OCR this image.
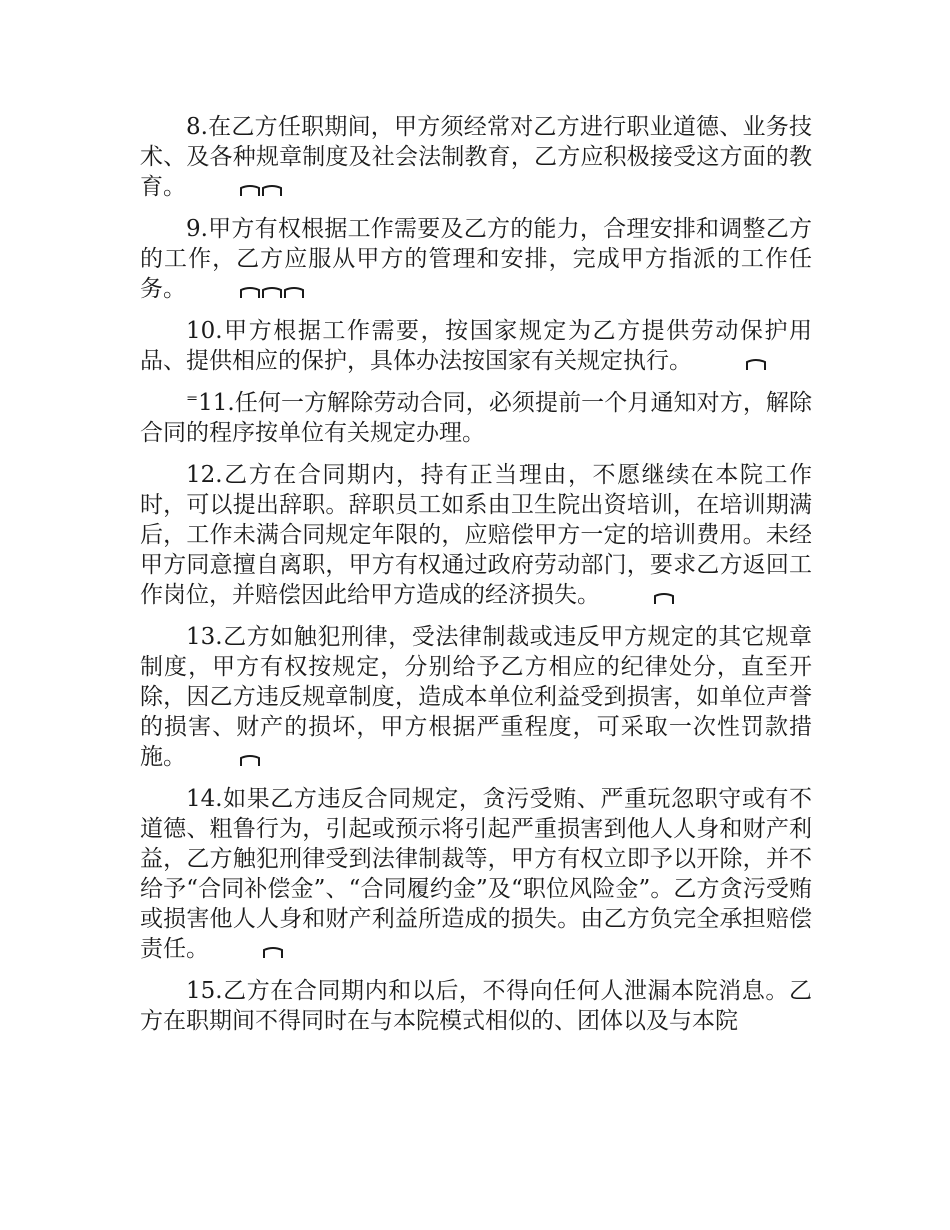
8.在乙方任职期间，甲方须经常对乙方进行职业道德、业务技术、及各种规章制度及社会法制教育，乙方应积极接受这方面的教育。

9.甲方有权根据工作需要及乙方的能力，合理安排和调整乙方的工作，乙方应服从甲方的管理和安排，完成甲方指派的工作任务。

10.甲方根据工作需要，按国家规定为乙方提供劳动保护用品、提供相应的保护，具体办法按国家有关规定执行。

⁼11.任何一方解除劳动合同，必须提前一个月通知对方，解除合同的程序按单位有关规定办理。

12.乙方在合同期内，持有正当理由，不愿继续在本院工作时，可以提出辞职。辞职员工如系由卫生院出资培训，在培训期满后，工作未满合同规定年限的，应赔偿甲方一定的培训费用。未经甲方同意擅自离职，甲方有权通过政府劳动部门，要求乙方返回工作岗位，并赔偿因此给甲方造成的经济损失。

13.乙方如触犯刑律，受法律制裁或违反甲方规定的其它规章制度，甲方有权按规定，分别给予乙方相应的纪律处分，直至开除，因乙方违反规章制度，造成本单位利益受到损害，如单位声誉的损害、财产的损坏，甲方根据严重程度，可采取一次性罚款措施。

14.如果乙方违反合同规定，贪污受贿、严重玩忽职守或有不道德、粗鲁行为，引起或预示将引起严重损害到他人人身和财产利益，乙方触犯刑律受到法律制裁等，甲方有权立即予以开除，并不给予“合同补偿金”、“合同履约金”及“职位风险金”。乙方贪污受贿或损害他人人身和财产利益所造成的损失。由乙方负完全承担赔偿责任。

15.乙方在合同期内和以后，不得向任何人泄漏本院消息。乙方在职期间不得同时在与本院模式相似的、团体以及与本院
